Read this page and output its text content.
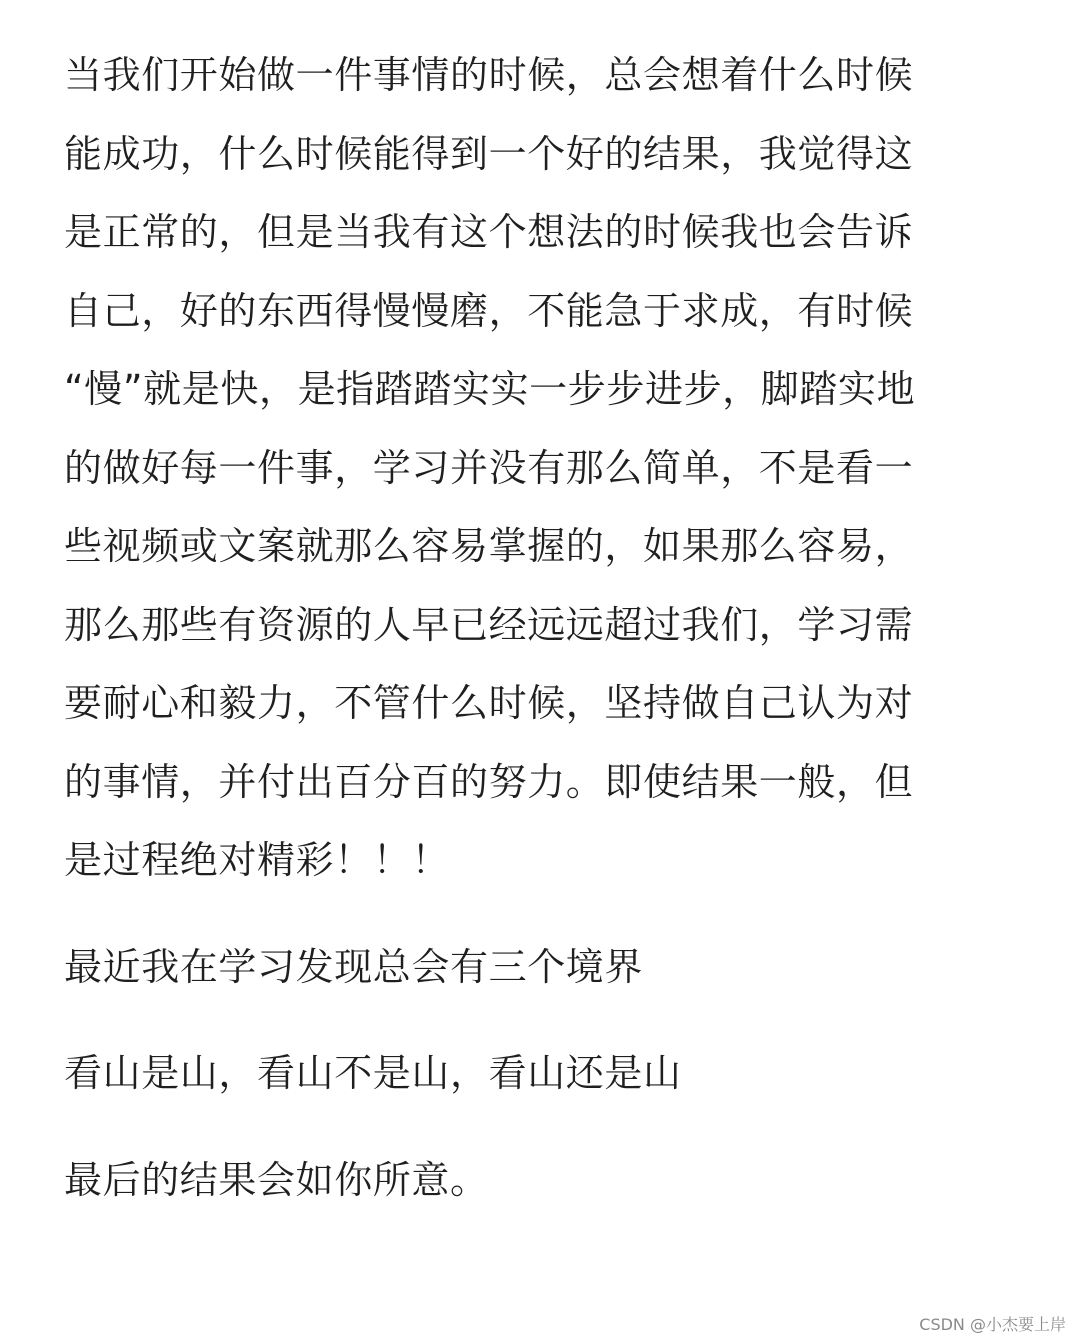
当我们开始做一件事情的时候，总会想着什么时候
能成功，什么时候能得到一个好的结果，我觉得这
是正常的，但是当我有这个想法的时候我也会告诉
自己，好的东西得慢慢磨，不能急于求成，有时候
“慢”就是快，是指踏踏实实一步步进步，脚踏实地
的做好每一件事，学习并没有那么简单，不是看一
些视频或文案就那么容易掌握的，如果那么容易，
那么那些有资源的人早已经远远超过我们，学习需
要耐心和毅力，不管什么时候，坚持做自己认为对
的事情，并付出百分百的努力。即使结果一般，但
是过程绝对精彩！！！
最近我在学习发现总会有三个境界
看山是山，看山不是山，看山还是山
最后的结果会如你所意。
CSDN @小杰要上岸
